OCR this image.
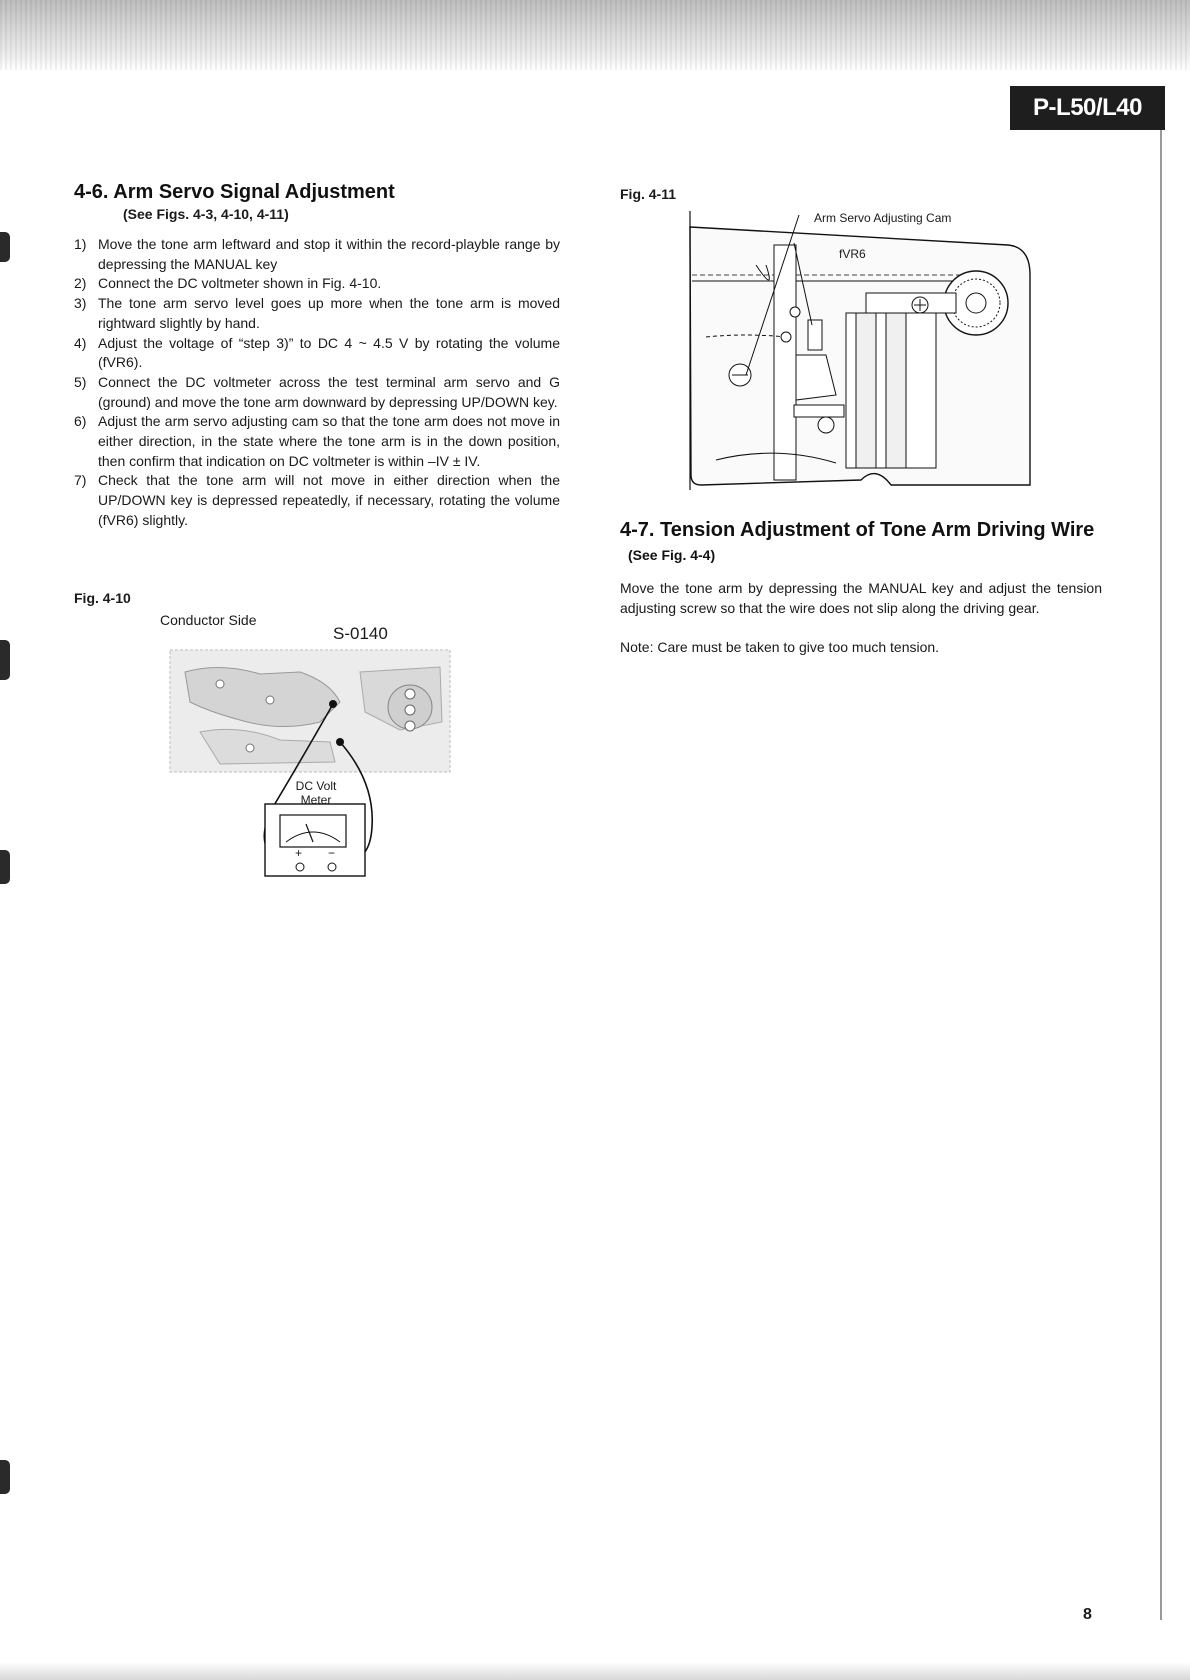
P-L50/L40
4-6. Arm Servo Signal Adjustment
(See Figs. 4-3, 4-10, 4-11)
1) Move the tone arm leftward and stop it within the record-playble range by depressing the MANUAL key
2) Connect the DC voltmeter shown in Fig. 4-10.
3) The tone arm servo level goes up more when the tone arm is moved rightward slightly by hand.
4) Adjust the voltage of “step 3)” to DC 4 ~ 4.5 V by rotating the volume (fVR6).
5) Connect the DC voltmeter across the test terminal arm servo and G (ground) and move the tone arm downward by depressing UP/DOWN key.
6) Adjust the arm servo adjusting cam so that the tone arm does not move in either direction, in the state where the tone arm is in the down position, then confirm that indication on DC voltmeter is within –IV ± IV.
7) Check that the tone arm will not move in either direction when the UP/DOWN key is depressed repeatedly, if necessary, rotating the volume (fVR6) slightly.
Fig. 4-10
Conductor Side
S-0140
DC Volt
Meter
+ −
Fig. 4-11
Arm Servo Adjusting Cam
fVR6
4-7. Tension Adjustment of Tone Arm Driving Wire (See Fig. 4-4)
Move the tone arm by depressing the MANUAL key and adjust the tension adjusting screw so that the wire does not slip along the driving gear.
Note: Care must be taken to give too much tension.
8
